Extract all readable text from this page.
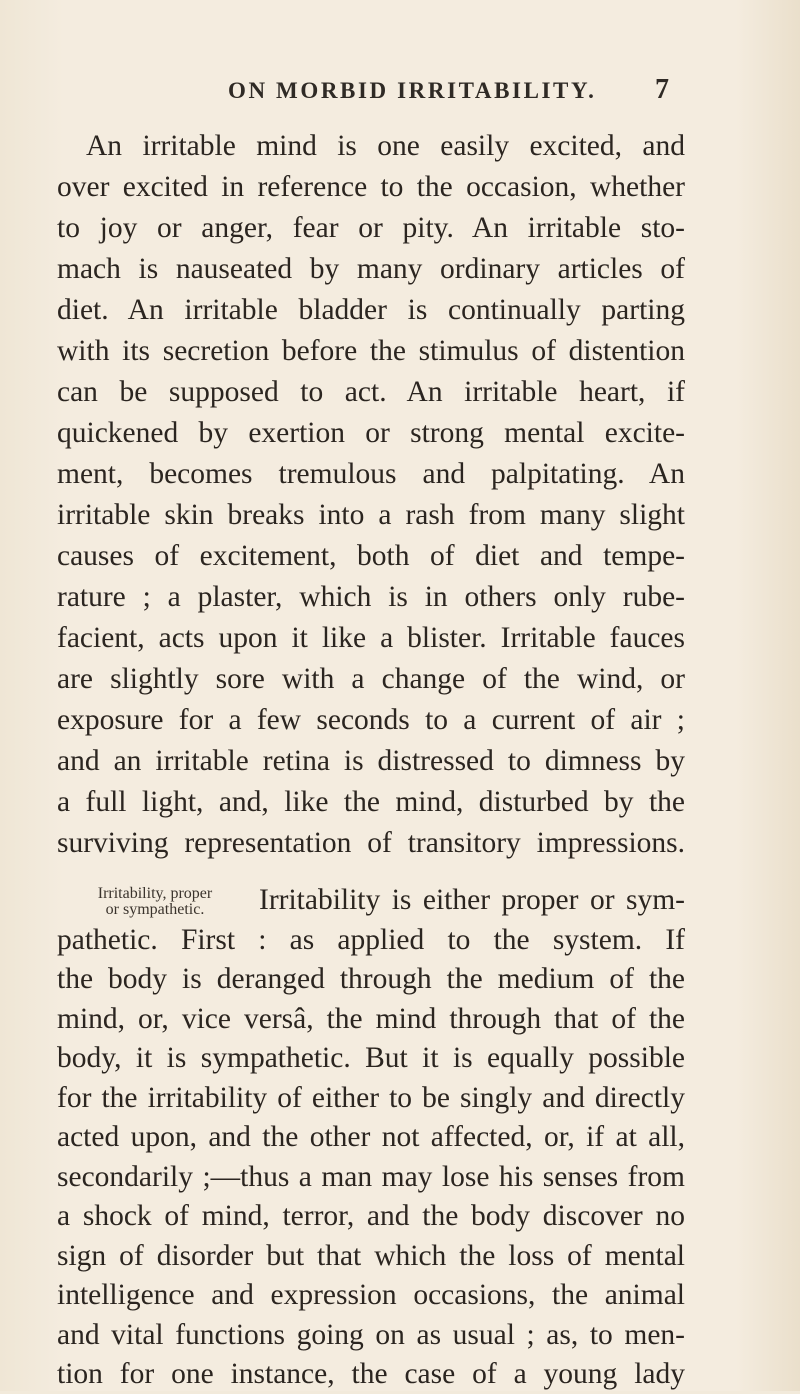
ON MORBID IRRITABILITY. 7
An irritable mind is one easily excited, and
over excited in reference to the occasion, whether
to joy or anger, fear or pity. An irritable sto-
mach is nauseated by many ordinary articles of
diet. An irritable bladder is continually parting
with its secretion before the stimulus of distention
can be supposed to act. An irritable heart, if
quickened by exertion or strong mental excite-
ment, becomes tremulous and palpitating. An
irritable skin breaks into a rash from many slight
causes of excitement, both of diet and tempe-
rature ; a plaster, which is in others only rube-
facient, acts upon it like a blister. Irritable fauces
are slightly sore with a change of the wind, or
exposure for a few seconds to a current of air ;
and an irritable retina is distressed to dimness by
a full light, and, like the mind, disturbed by the
surviving representation of transitory impressions.
Irritability, proper
or sympathetic.	Irritability is either proper or sym-
pathetic. First : as applied to the system. If
the body is deranged through the medium of the
mind, or, vice versâ, the mind through that of the
body, it is sympathetic. But it is equally possible
for the irritability of either to be singly and directly
acted upon, and the other not affected, or, if at all,
secondarily ;—thus a man may lose his senses from
a shock of mind, terror, and the body discover no
sign of disorder but that which the loss of mental
intelligence and expression occasions, the animal
and vital functions going on as usual ; as, to men-
tion for one instance, the case of a young lady
